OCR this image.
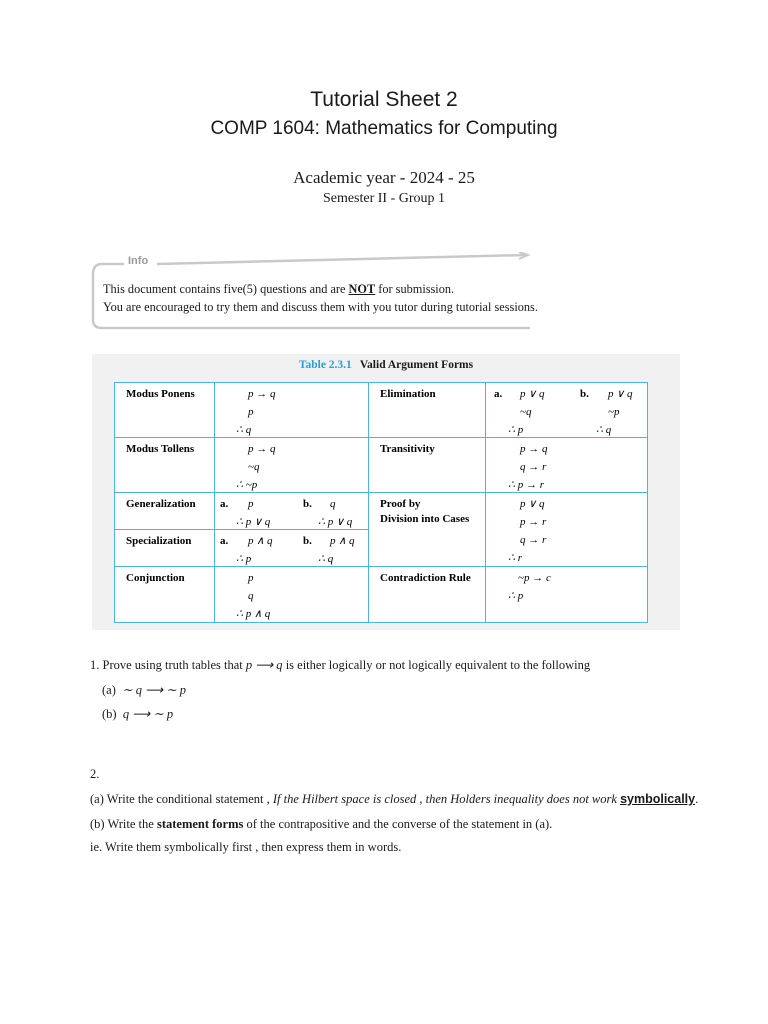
Tutorial Sheet 2
COMP 1604: Mathematics for Computing
Academic year - 2024 - 25
Semester II - Group 1
Info
This document contains five(5) questions and are NOT for submission.
You are encouraged to try them and discuss them with you tutor during tutorial sessions.
Table 2.3.1 Valid Argument Forms
Modus Ponens	p → q
p
∴ q
Modus Tollens	p → q
~q
∴ ~p
Generalization a. p
∴ p ∨ q
b. q
∴ p ∨ q
Specialization	a. p ∧ q
∴ p
b. p ∧ q
∴ q
Conjunction	p
q
∴ p ∧ q
Elimination	a. p ∨ q
~q
∴ p
b. p ∨ q
~p
∴ q
Transitivity	p → q
q → r
∴ p → r
Proof by
Division into Cases
p ∨ q
p → r
q → r
∴ r
Contradiction Rule	~p → c
∴ p
1. Prove using truth tables that p ⟶ q is either logically or not logically equivalent to the following
(a) ∼ q ⟶ ∼ p
(b) q ⟶ ∼ p
2.
(a) Write the conditional statement , If the Hilbert space is closed , then Holders inequality does not work symbolically.
(b) Write the statement forms of the contrapositive and the converse of the statement in (a).
ie. Write them symbolically first , then express them in words.
